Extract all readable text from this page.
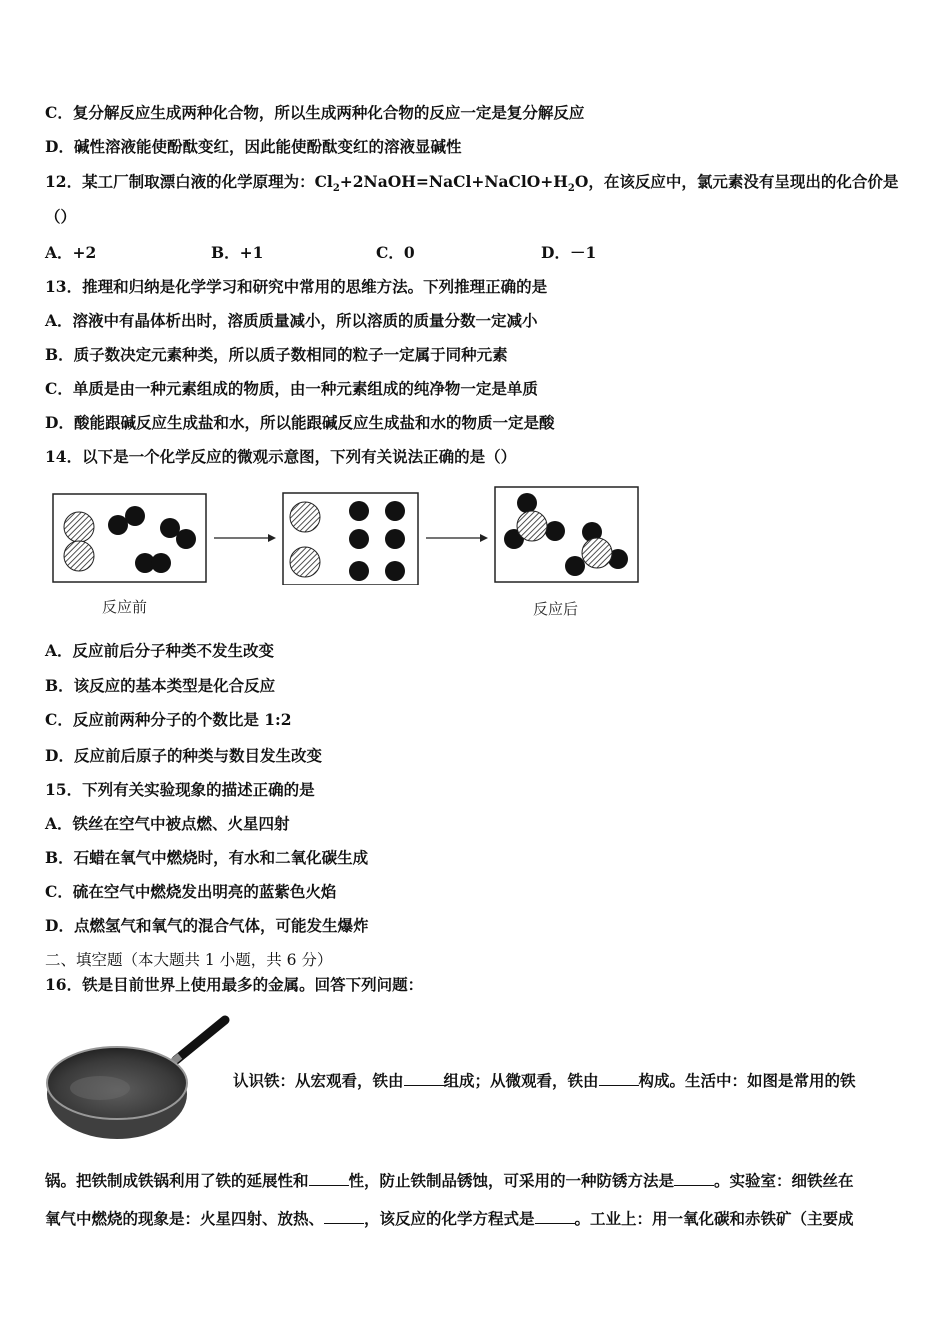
C．复分解反应生成两种化合物，所以生成两种化合物的反应一定是复分解反应
D．碱性溶液能使酚酞变红，因此能使酚酞变红的溶液显碱性
12．某工厂制取漂白液的化学原理为：$Cl_2+2NaOH=NaCl+NaClO+H_2O$，在该反应中，氯元素没有呈现出的化合价是
（）
A．+2	B．+1	C．0	D．－1
13．推理和归纳是化学学习和研究中常用的思维方法。下列推理正确的是
A．溶液中有晶体析出时，溶质质量减小，所以溶质的质量分数一定减小
B．质子数决定元素种类，所以质子数相同的粒子一定属于同种元素
C．单质是由一种元素组成的物质，由一种元素组成的纯净物一定是单质
D．酸能跟碱反应生成盐和水，所以能跟碱反应生成盐和水的物质一定是酸
14．以下是一个化学反应的微观示意图，下列有关说法正确的是（）
反应前	反应后
A．反应前后分子种类不发生改变
B．该反应的基本类型是化合反应
C．反应前两种分子的个数比是 1:2
D．反应前后原子的种类与数目发生改变
15．下列有关实验现象的描述正确的是
A．铁丝在空气中被点燃、火星四射
B．石蜡在氧气中燃烧时，有水和二氧化碳生成
C．硫在空气中燃烧发出明亮的蓝紫色火焰
D．点燃氢气和氧气的混合气体，可能发生爆炸
二、填空题（本大题共 1 小题，共 6 分）
16．铁是目前世界上使用最多的金属。回答下列问题：
认识铁：从宏观看，铁由	组成；从微观看，铁由	构成。生活中：如图是常用的铁
锅。把铁制成铁锅利用了铁的延展性和	性，防止铁制品锈蚀，可采用的一种防锈方法是	。实验室：细铁丝在
氧气中燃烧的现象是：火星四射、放热、	，该反应的化学方程式是	。工业上：用一氧化碳和赤铁矿（主要成
